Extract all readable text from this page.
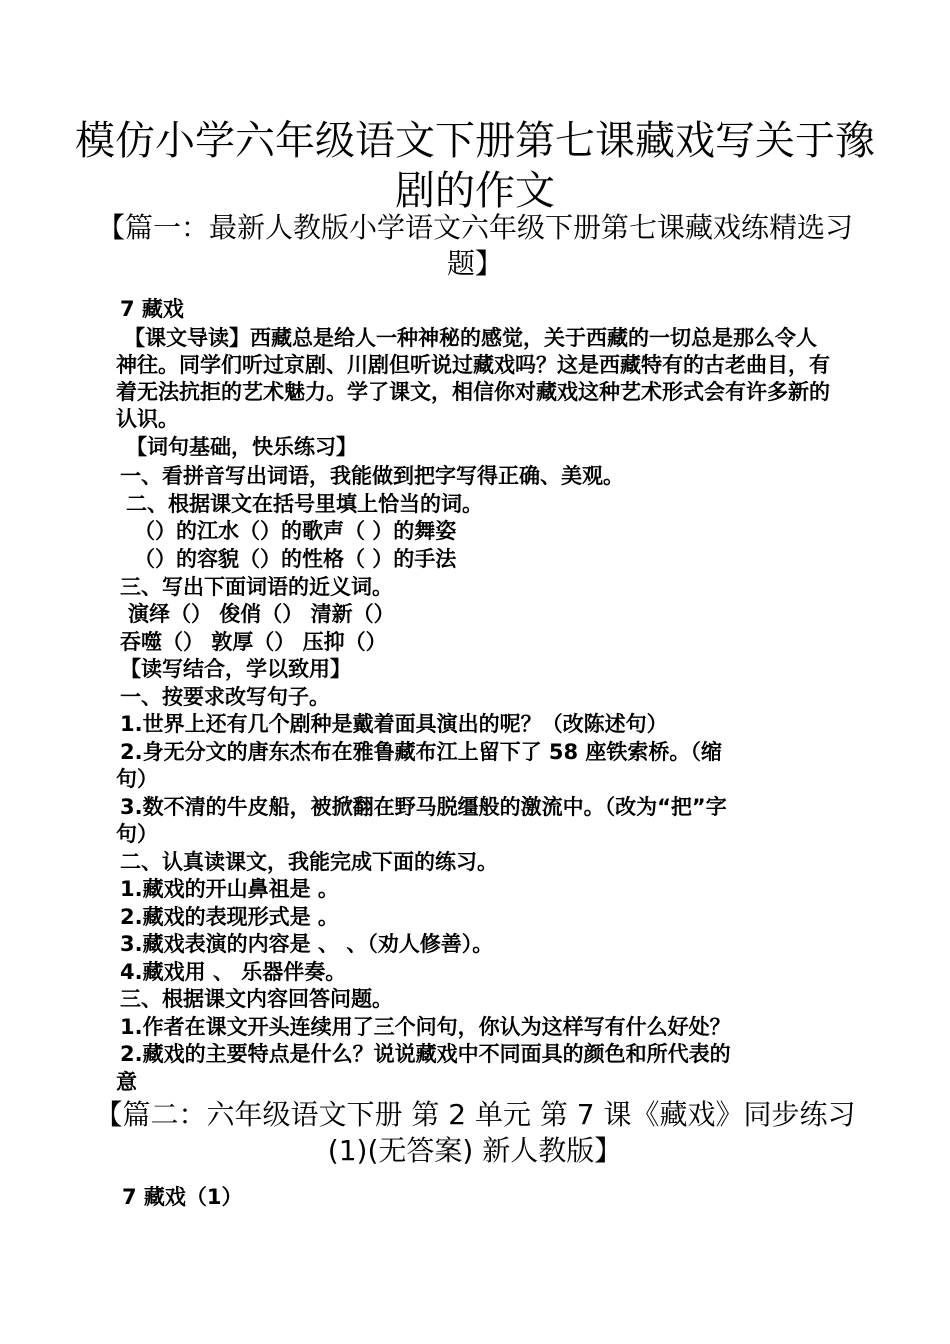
模仿小学六年级语文下册第七课藏戏写关于豫剧的作文
【篇一：最新人教版小学语文六年级下册第七课藏戏练精选习题】
7 藏戏
【课文导读】西藏总是给人一种神秘的感觉，关于西藏的一切总是那么令人神往。同学们听过京剧、川剧但听说过藏戏吗？这是西藏特有的古老曲目，有着无法抗拒的艺术魅力。学了课文，相信你对藏戏这种艺术形式会有许多新的认识。
【词句基础，快乐练习】
一、看拼音写出词语，我能做到把字写得正确、美观。
二、根据课文在括号里填上恰当的词。
（）的江水（）的歌声（ ）的舞姿
（）的容貌（）的性格（ ）的手法
三、写出下面词语的近义词。
演绎（） 俊俏（） 清新（）
吞噬（） 敦厚（） 压抑（）
【读写结合，学以致用】
一、按要求改写句子。
1.世界上还有几个剧种是戴着面具演出的呢？（改陈述句）
2.身无分文的唐东杰布在雅鲁藏布江上留下了 58 座铁索桥。（缩
句）
3.数不清的牛皮船，被掀翻在野马脱缰般的激流中。（改为“把”字
句）
二、认真读课文，我能完成下面的练习。
1.藏戏的开山鼻祖是 。
2.藏戏的表现形式是 。
3.藏戏表演的内容是 、 、（劝人修善）。
4.藏戏用 、 乐器伴奏。
三、根据课文内容回答问题。
1.作者在课文开头连续用了三个问句，你认为这样写有什么好处？
2.藏戏的主要特点是什么？说说藏戏中不同面具的颜色和所代表的
意
【篇二：六年级语文下册 第 2 单元 第 7 课《藏戏》同步练习(1)(无答案) 新人教版】
7 藏戏（1）
